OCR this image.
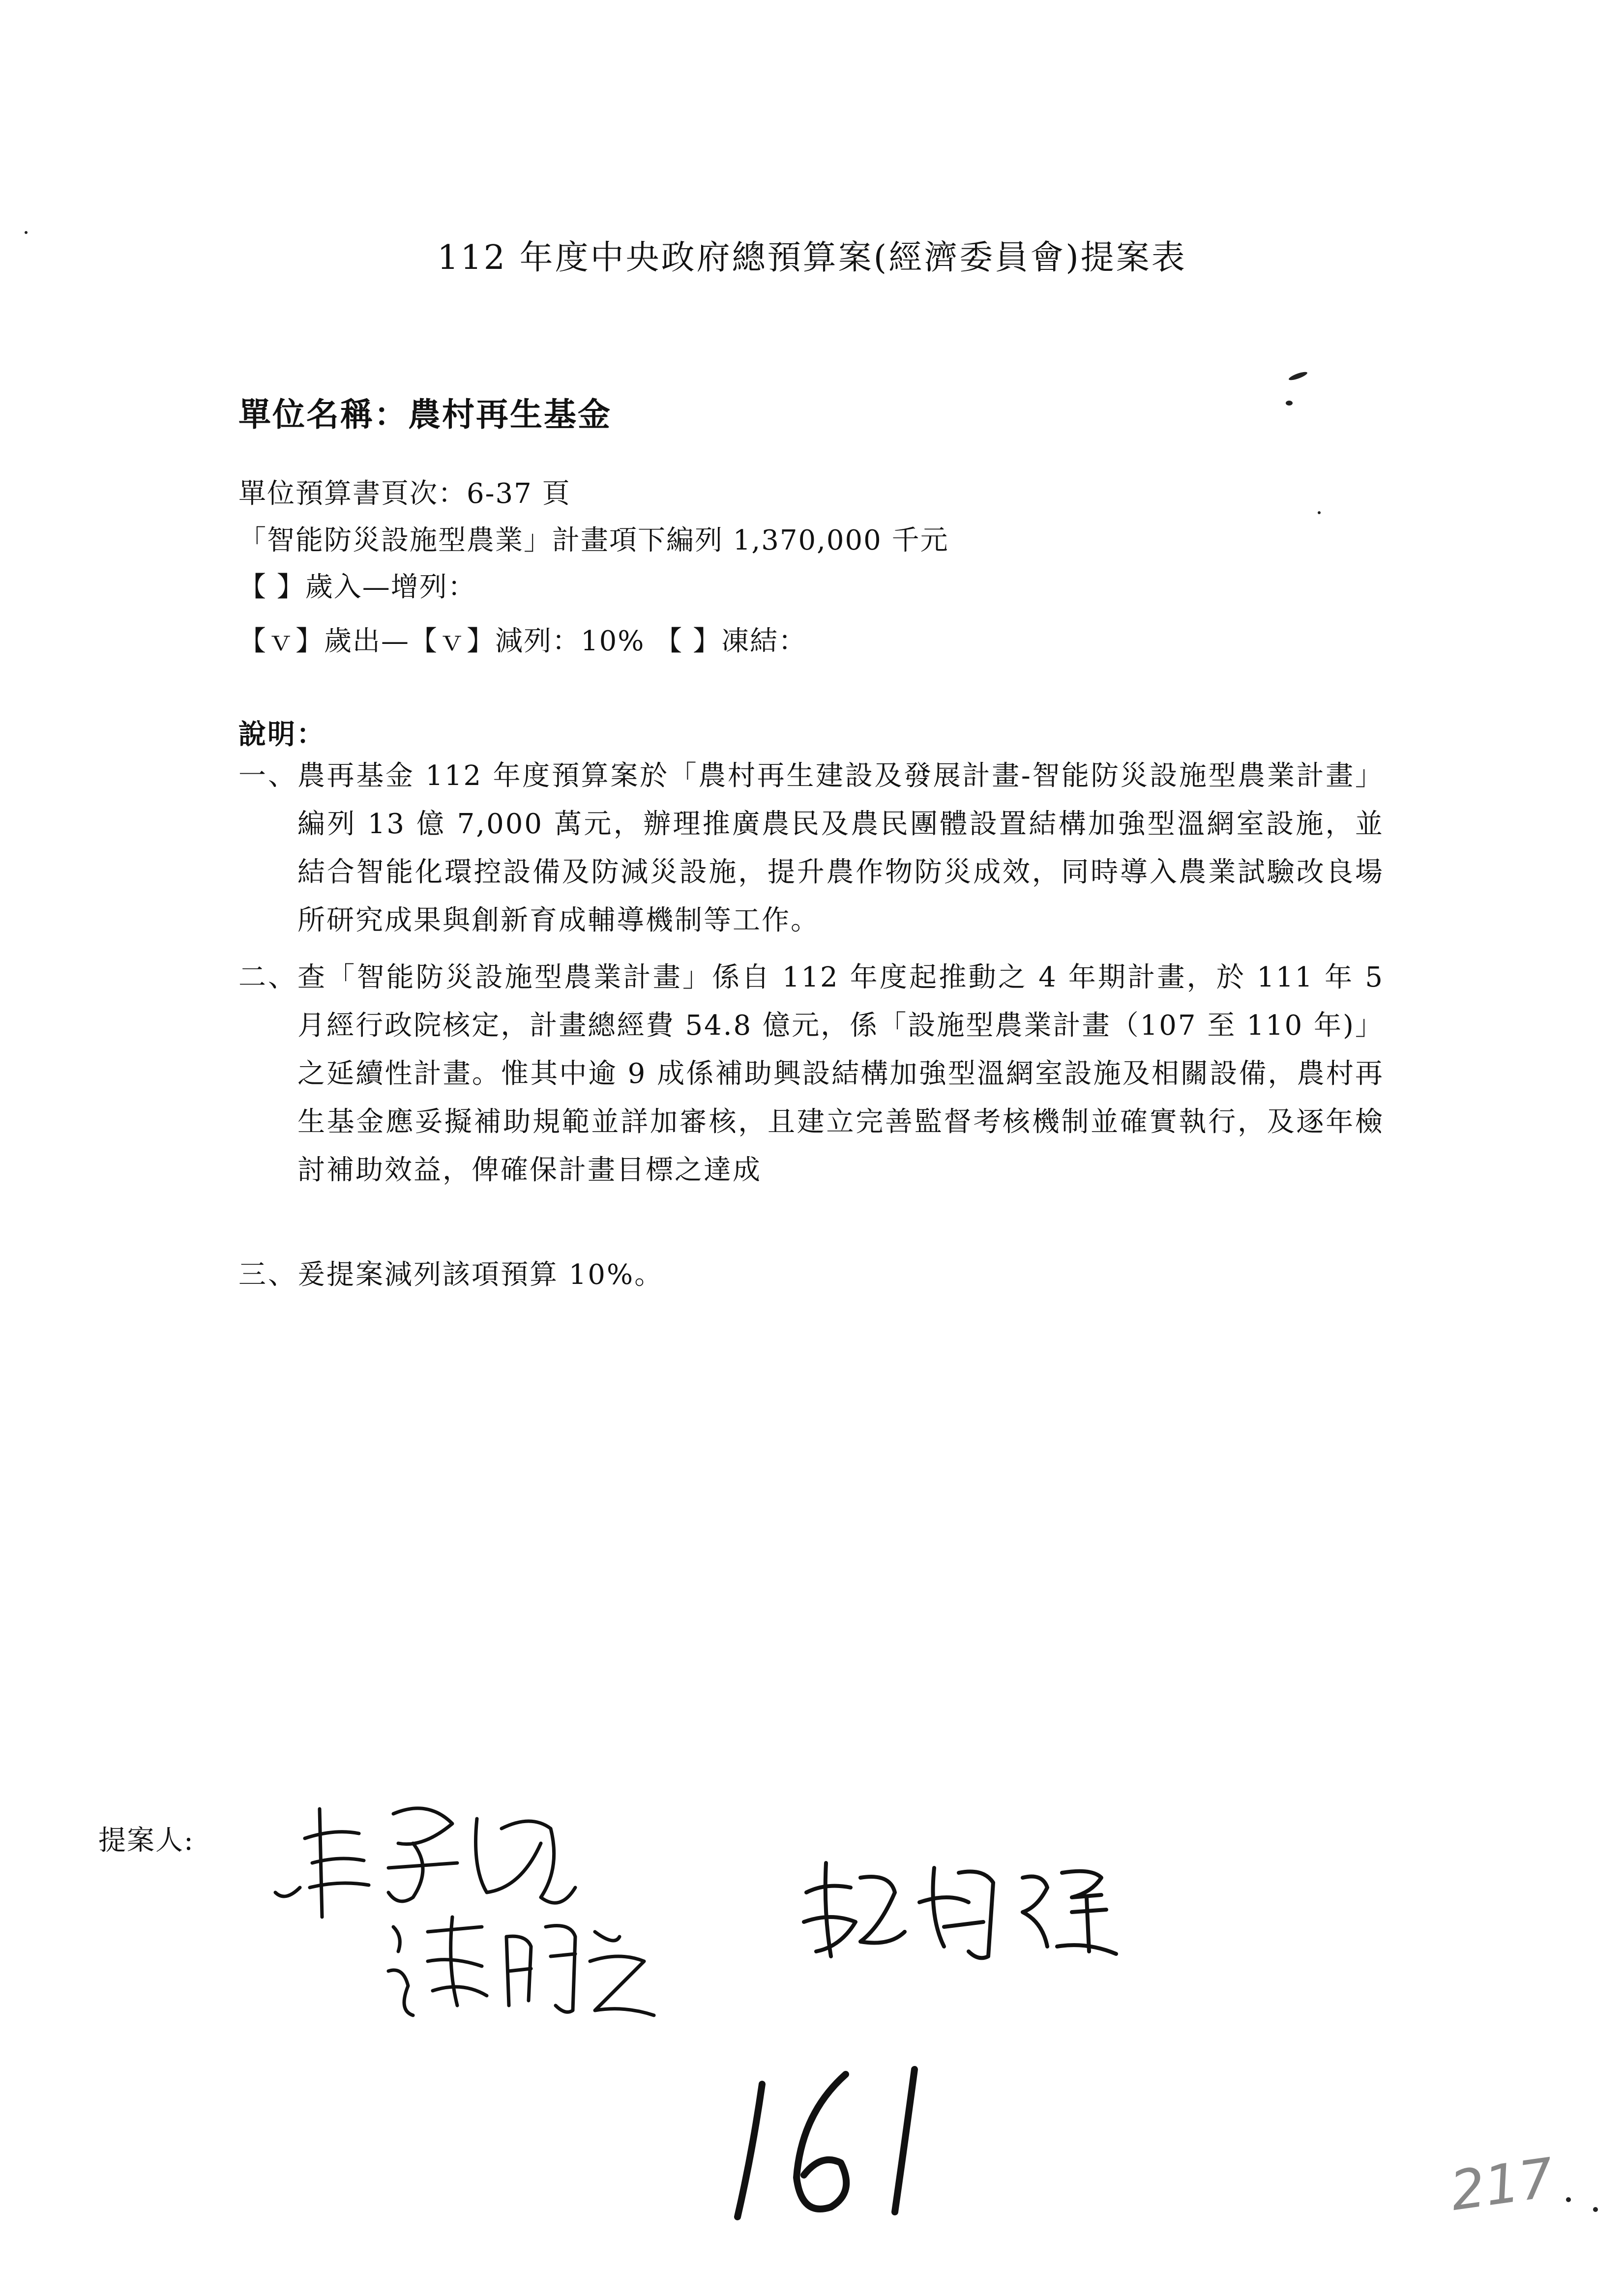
112 年度中央政府總預算案(經濟委員會)提案表
單位名稱：農村再生基金
單位預算書頁次：6-37 頁
「智能防災設施型農業」計畫項下編列 1,370,000 千元
【 】歲入—增列：
【ｖ】歲出—【ｖ】減列：10% 【 】凍結：
說明：
一、 農再基金 112 年度預算案於「農村再生建設及發展計畫-智能防災設施型農業計畫」編列 13 億 7,000 萬元，辦理推廣農民及農民團體設置結構加強型溫網室設施，並結合智能化環控設備及防減災設施，提升農作物防災成效，同時導入農業試驗改良場所研究成果與創新育成輔導機制等工作。
二、 查「智能防災設施型農業計畫」係自 112 年度起推動之 4 年期計畫，於 111 年 5 月經行政院核定，計畫總經費 54.8 億元，係「設施型農業計畫（107 至 110 年)」之延續性計畫。惟其中逾 9 成係補助興設結構加強型溫網室設施及相關設備，農村再生基金應妥擬補助規範並詳加審核，且建立完善監督考核機制並確實執行，及逐年檢討補助效益，俾確保計畫目標之達成
三、 爰提案減列該項預算 10%。
提案人:
217
